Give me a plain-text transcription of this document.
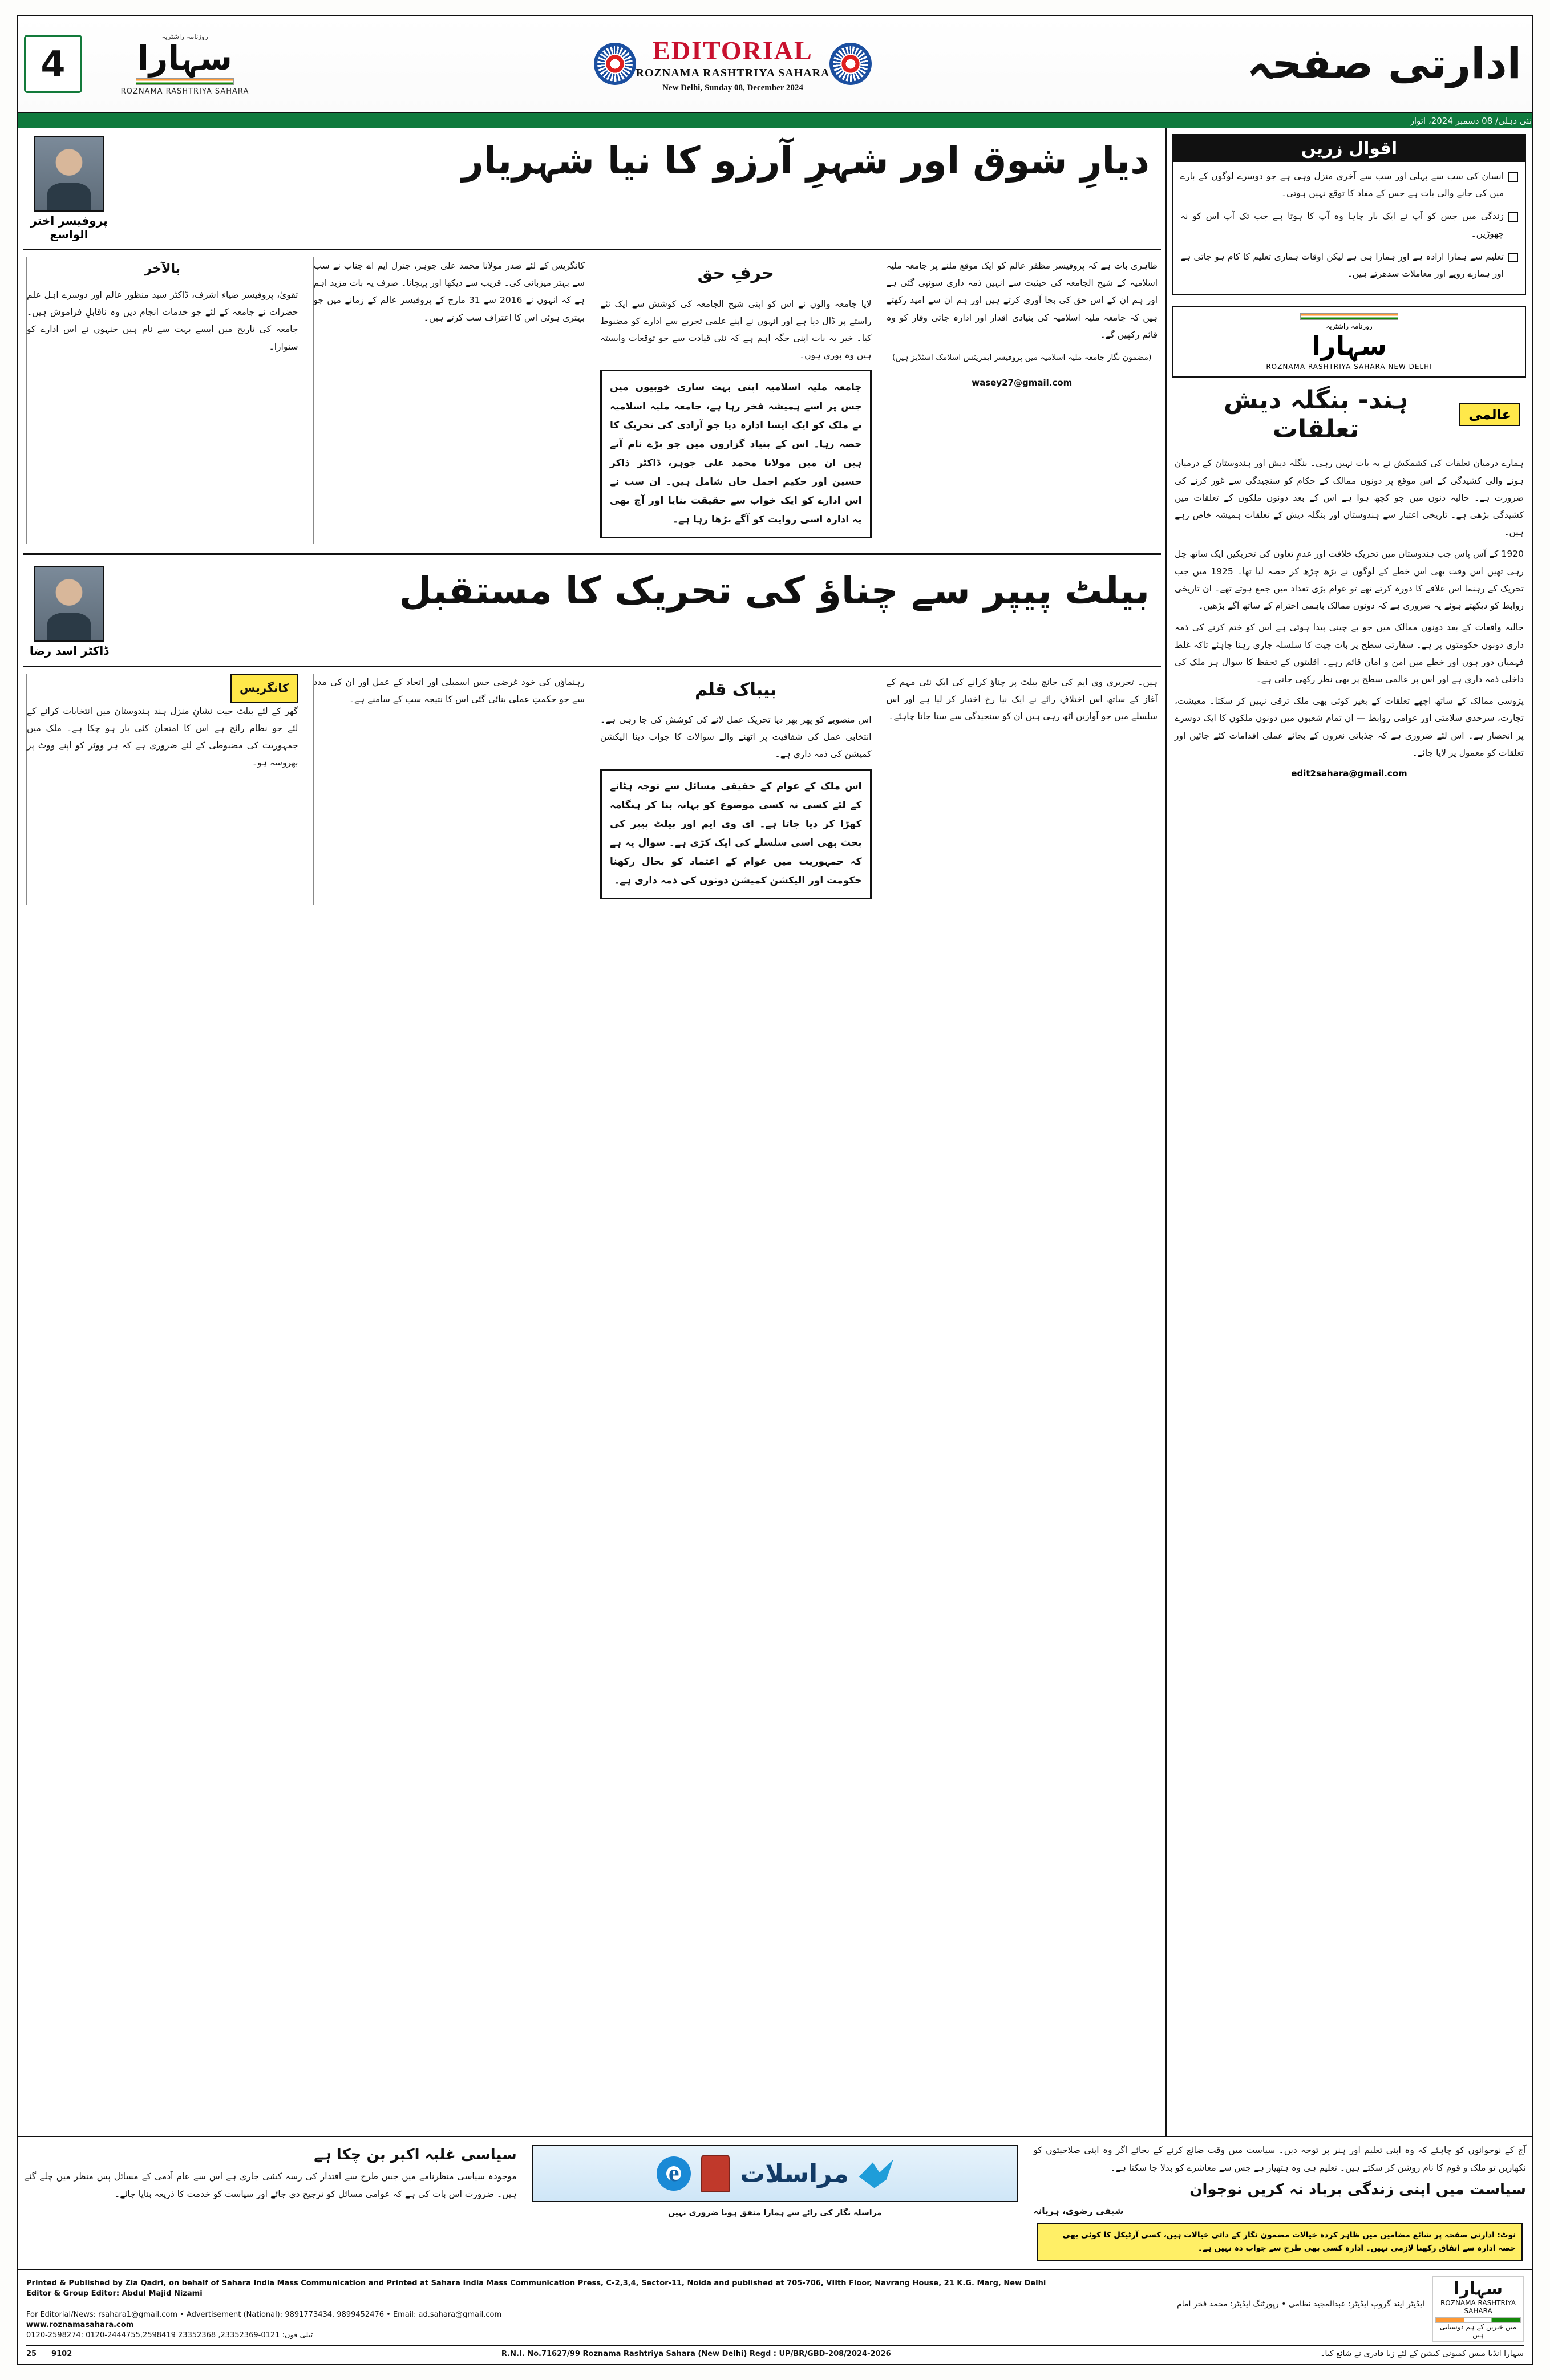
4
روزنامہ راشٹریہ
سہارا
ROZNAMA RASHTRIYA SAHARA
EDITORIAL
ROZNAMA RASHTRIYA SAHARA
New Delhi, Sunday 08, December 2024	ادارتی صفحہ
نئی دہلی/ 08 دسمبر 2024، اتوار
اقوال زریں
انسان کی سب سے پہلی اور سب سے آخری منزل وہی ہے جو دوسرے لوگوں کے بارے میں کی جانے والی بات ہے جس کے مفاد کا توقع نہیں ہوتی۔
زندگی میں جس کو آپ نے ایک بار چاہا وہ آپ کا ہوتا ہے جب تک آپ اس کو نہ چھوڑیں۔
تعلیم سے ہمارا ارادہ ہے اور ہمارا ہی ہے لیکن اوقات ہماری تعلیم کا کام ہو جاتی ہے اور ہمارے رویے اور معاملات سدھرتے ہیں۔
روزنامہ راشٹریہ
سہارا
ROZNAMA RASHTRIYA SAHARA NEW DELHI
عالمی
ہند- بنگلہ دیش تعلقات

ہمارے درمیان تعلقات کی کشمکش نے یہ بات نہیں رہی۔ بنگلہ دیش اور ہندوستان کے درمیان ہونے والی کشیدگی کے اس موقع پر دونوں ممالک کے حکام کو سنجیدگی سے غور کرنے کی ضرورت ہے۔ حالیہ دنوں میں جو کچھ ہوا ہے اس کے بعد دونوں ملکوں کے تعلقات میں کشیدگی بڑھی ہے۔ تاریخی اعتبار سے ہندوستان اور بنگلہ دیش کے تعلقات ہمیشہ خاص رہے ہیں۔

1920 کے آس پاس جب ہندوستان میں تحریکِ خلافت اور عدمِ تعاون کی تحریکیں ایک ساتھ چل رہی تھیں اس وقت بھی اس خطے کے لوگوں نے بڑھ چڑھ کر حصہ لیا تھا۔ 1925 میں جب تحریک کے رہنما اس علاقے کا دورہ کرتے تھے تو عوام بڑی تعداد میں جمع ہوتے تھے۔ ان تاریخی روابط کو دیکھتے ہوئے یہ ضروری ہے کہ دونوں ممالک باہمی احترام کے ساتھ آگے بڑھیں۔

حالیہ واقعات کے بعد دونوں ممالک میں جو بے چینی پیدا ہوئی ہے اس کو ختم کرنے کی ذمہ داری دونوں حکومتوں پر ہے۔ سفارتی سطح پر بات چیت کا سلسلہ جاری رہنا چاہئے تاکہ غلط فہمیاں دور ہوں اور خطے میں امن و امان قائم رہے۔ اقلیتوں کے تحفظ کا سوال ہر ملک کی داخلی ذمہ داری ہے اور اس پر عالمی سطح پر بھی نظر رکھی جاتی ہے۔

پڑوسی ممالک کے ساتھ اچھے تعلقات کے بغیر کوئی بھی ملک ترقی نہیں کر سکتا۔ معیشت، تجارت، سرحدی سلامتی اور عوامی روابط — ان تمام شعبوں میں دونوں ملکوں کا ایک دوسرے پر انحصار ہے۔ اس لئے ضروری ہے کہ جذباتی نعروں کے بجائے عملی اقدامات کئے جائیں اور تعلقات کو معمول پر لایا جائے۔

edit2sahara@gmail.com
دیارِ شوق اور شہرِ آرزو کا نیا شہریار
پروفیسر اختر الواسع

ظاہری بات ہے کہ پروفیسر مظفر عالم کو ایک موقع ملنے پر جامعہ ملیہ اسلامیہ کے شیخ الجامعہ کی حیثیت سے انہیں ذمہ داری سونپی گئی ہے اور ہم ان کے اس حق کی بجا آوری کرتے ہیں اور ہم ان سے امید رکھتے ہیں کہ جامعہ ملیہ اسلامیہ کی بنیادی اقدار اور ادارہ جاتی وقار کو وہ قائم رکھیں گے۔

(مضمون نگار جامعہ ملیہ اسلامیہ میں پروفیسر ایمریٹس اسلامک اسٹڈیز ہیں)

wasey27@gmail.com

حرفِ حق

لایا جامعہ والوں نے اس کو اپنی شیخ الجامعہ کی کوشش سے ایک نئے راستے پر ڈال دیا ہے اور انہوں نے اپنے علمی تجربے سے ادارے کو مضبوط کیا۔ خیر یہ بات اپنی جگہ اہم ہے کہ نئی قیادت سے جو توقعات وابستہ ہیں وہ پوری ہوں۔

جامعہ ملیہ اسلامیہ اپنی بہت ساری خوبیوں میں جس پر اسے ہمیشہ فخر رہا ہے، جامعہ ملیہ اسلامیہ نے ملک کو ایک ایسا ادارہ دیا جو آزادی کی تحریک کا حصہ رہا۔ اس کے بنیاد گزاروں میں جو بڑے نام آتے ہیں ان میں مولانا محمد علی جوہر، ڈاکٹر ذاکر حسین اور حکیم اجمل خاں شامل ہیں۔ ان سب نے اس ادارے کو ایک خواب سے حقیقت بنایا اور آج بھی یہ ادارہ اسی روایت کو آگے بڑھا رہا ہے۔

کانگریس کے لئے صدر مولانا محمد علی جوہر، جنرل ایم اے جناب نے سب سے بہتر میزبانی کی۔ قریب سے دیکھا اور پہچانا۔ صرف یہ بات مزید اہم ہے کہ انہوں نے 2016 سے 31 مارچ کے پروفیسر عالم کے زمانے میں جو بہتری ہوئی اس کا اعتراف سب کرتے ہیں۔

بالآخر

تقویٰ، پروفیسر ضیاء اشرف، ڈاکٹر سید منظور عالم اور دوسرے اہل علم حضرات نے جامعہ کے لئے جو خدمات انجام دیں وہ ناقابلِ فراموش ہیں۔ جامعہ کی تاریخ میں ایسے بہت سے نام ہیں جنہوں نے اس ادارے کو سنوارا۔

بیلٹ پیپر سے چناؤ کی تحریک کا مستقبل
ڈاکٹر اسد رضا

ہیں۔ تحریری وی ایم کی جانچ بیلٹ پر چناؤ کرانے کی ایک نئی مہم کے آغاز کے ساتھ اس اختلافِ رائے نے ایک نیا رخ اختیار کر لیا ہے اور اس سلسلے میں جو آوازیں اٹھ رہی ہیں ان کو سنجیدگی سے سنا جانا چاہئے۔

بیباک قلم

اس منصوبے کو پھر بھر دیا تحریک عمل لانے کی کوشش کی جا رہی ہے۔ انتخابی عمل کی شفافیت پر اٹھنے والے سوالات کا جواب دینا الیکشن کمیشن کی ذمہ داری ہے۔

اس ملک کے عوام کے حقیقی مسائل سے توجہ ہٹانے کے لئے کسی نہ کسی موضوع کو بہانہ بنا کر ہنگامہ کھڑا کر دیا جاتا ہے۔ ای وی ایم اور بیلٹ پیپر کی بحث بھی اسی سلسلے کی ایک کڑی ہے۔ سوال یہ ہے کہ جمہوریت میں عوام کے اعتماد کو بحال رکھنا حکومت اور الیکشن کمیشن دونوں کی ذمہ داری ہے۔

رہنماؤں کی خود غرضی جس اسمبلی اور اتحاد کے عمل اور ان کی مدد سے جو حکمتِ عملی بنائی گئی اس کا نتیجہ سب کے سامنے ہے۔

کانگریس

گھر کے لئے بیلٹ جیت نشانِ منزل ہند ہندوستان میں انتخابات کرانے کے لئے جو نظام رائج ہے اس کا امتحان کئی بار ہو چکا ہے۔ ملک میں جمہوریت کی مضبوطی کے لئے ضروری ہے کہ ہر ووٹر کو اپنے ووٹ پر بھروسہ ہو۔

آج کے نوجوانوں کو چاہئے کہ وہ اپنی تعلیم اور ہنر پر توجہ دیں۔ سیاست میں وقت ضائع کرنے کے بجائے اگر وہ اپنی صلاحیتوں کو نکھاریں تو ملک و قوم کا نام روشن کر سکتے ہیں۔ تعلیم ہی وہ ہتھیار ہے جس سے معاشرے کو بدلا جا سکتا ہے۔
سیاست میں اپنی زندگی برباد نہ کریں نوجوان
شیفی رضوی، ہریانہ
نوٹ: ادارتی صفحہ پر شائع مضامین میں ظاہر کردہ خیالات مضمون نگار کے ذاتی خیالات ہیں، کسی آرٹیکل کا کوئی بھی حصہ ادارہ سے اتفاق رکھنا لازمی نہیں۔ ادارہ کسی بھی طرح سے جواب دہ نہیں ہے۔
e
مراسلات
مراسلہ نگار کی رائے سے ہمارا متفق ہونا ضروری نہیں
سیاسی غلبہ اکبر بن چکا ہے
موجودہ سیاسی منظرنامے میں جس طرح سے اقتدار کی رسہ کشی جاری ہے اس سے عام آدمی کے مسائل پس منظر میں چلے گئے ہیں۔ ضرورت اس بات کی ہے کہ عوامی مسائل کو ترجیح دی جائے اور سیاست کو خدمت کا ذریعہ بنایا جائے۔
Printed & Published by Zia Qadri, on behalf of Sahara India Mass Communication and Printed at Sahara India Mass Communication Press, C-2,3,4, Sector-11, Noida and published at 705-706, VIIth Floor, Navrang House, 21 K.G. Marg, New Delhi
Editor & Group Editor: Abdul Majid Nizami
ایڈیٹر ایند گروپ ایڈیٹر: عبدالمجید نظامی • رپورٹنگ ایڈیٹر: محمد فخر امام
For Editorial/News: rsahara1@gmail.com • Advertisement (National): 9891773434, 9899452476 • Email: ad.sahara@gmail.com
www.roznamasahara.com
0120-2598274: 0120-2444755,2598419 ٹیلی فون: 0121-23352369, 23352368
سہارا
ROZNAMA RASHTRIYA SAHARA
میں خبریں کے ہم دوستانی ہیں
سہارا انڈیا میس کمیونی کیشن کے لئے زیا قادری نے شائع کیا۔
R.N.I. No.71627/99 Roznama Rashtriya Sahara (New Delhi) Regd : UP/BR/GBD-208/2024-2026
9102
25
